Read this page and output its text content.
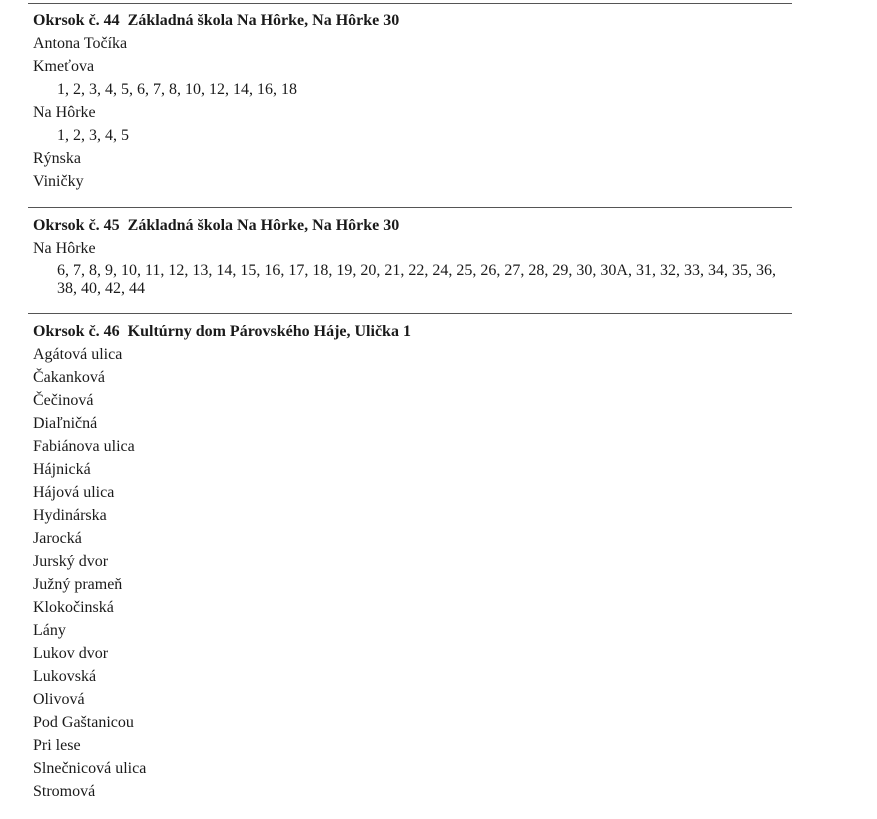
Okrsok č. 44 Základná škola Na Hôrke, Na Hôrke 30
Antona Točíka
Kmeťova
1, 2, 3, 4, 5, 6, 7, 8, 10, 12, 14, 16, 18
Na Hôrke
1, 2, 3, 4, 5
Rýnska
Viničky
Okrsok č. 45 Základná škola Na Hôrke, Na Hôrke 30
Na Hôrke
6, 7, 8, 9, 10, 11, 12, 13, 14, 15, 16, 17, 18, 19, 20, 21, 22, 24, 25, 26, 27, 28, 29, 30, 30A, 31, 32, 33, 34, 35, 36, 38, 40, 42, 44
Okrsok č. 46 Kultúrny dom Párovského Háje, Ulička 1
Agátová ulica
Čakanková
Čečinová
Diaľničná
Fabiánova ulica
Hájnická
Hájová ulica
Hydinárska
Jarocká
Jurský dvor
Južný prameň
Klokočinská
Lány
Lukov dvor
Lukovská
Olivová
Pod Gaštanicou
Pri lese
Slnečnicová ulica
Stromová
